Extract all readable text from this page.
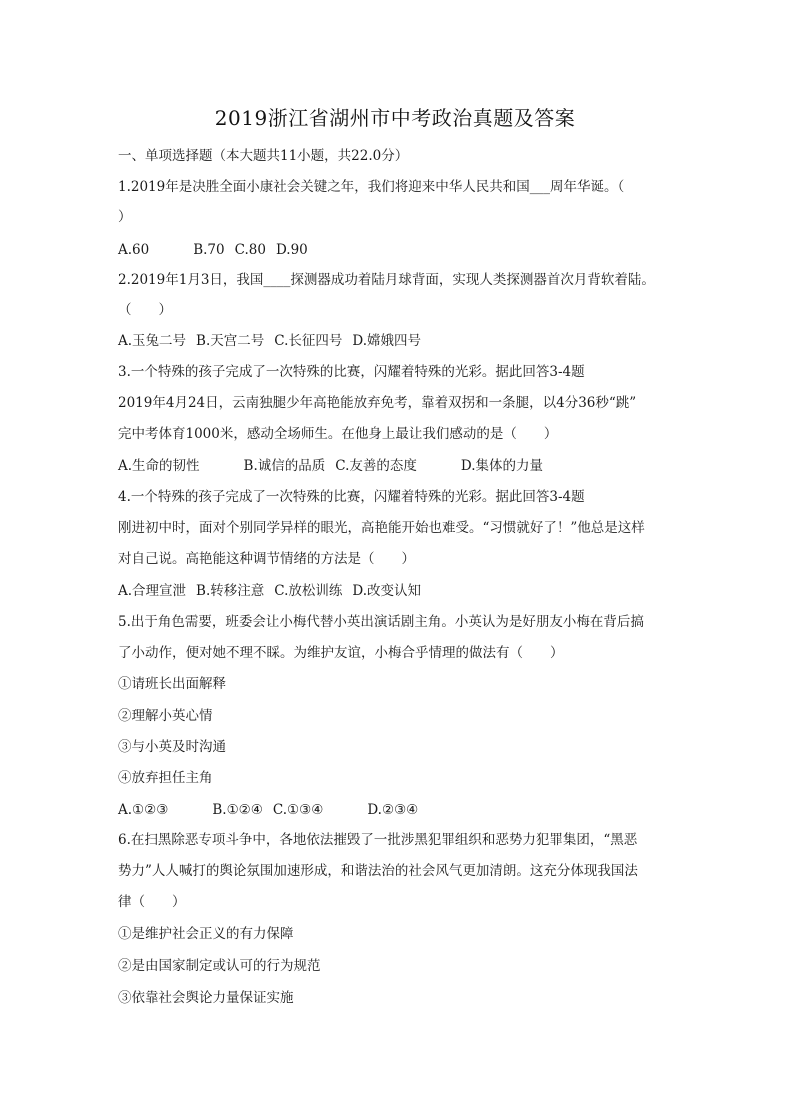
2019浙江省湖州市中考政治真题及答案
一、单项选择题（本大题共11小题，共22.0分）
1.2019年是决胜全面小康社会关键之年，我们将迎来中华人民共和国___周年华诞。（
）
A.60	B.70 C.80 D.90
2.2019年1月3日，我国____探测器成功着陆月球背面，实现人类探测器首次月背软着陆。
（　　）
A.玉兔二号 B.天宫二号 C.长征四号 D.嫦娥四号
3.一个特殊的孩子完成了一次特殊的比赛，闪耀着特殊的光彩。据此回答3-4题
2019年4月24日，云南独腿少年高艳能放弃免考，靠着双拐和一条腿，以4分36秒“跳”
完中考体育1000米，感动全场师生。在他身上最让我们感动的是（　　）
A.生命的韧性	B.诚信的品质 C.友善的态度	D.集体的力量
4.一个特殊的孩子完成了一次特殊的比赛，闪耀着特殊的光彩。据此回答3-4题
刚进初中时，面对个别同学异样的眼光，高艳能开始也难受。“习惯就好了！”他总是这样
对自己说。高艳能这种调节情绪的方法是（　　）
A.合理宣泄 B.转移注意 C.放松训练 D.改变认知
5.出于角色需要，班委会让小梅代替小英出演话剧主角。小英认为是好朋友小梅在背后搞
了小动作，便对她不理不睬。为维护友谊，小梅合乎情理的做法有（　　）
①请班长出面解释
②理解小英心情
③与小英及时沟通
④放弃担任主角
A.①②③	B.①②④ C.①③④	D.②③④
6.在扫黑除恶专项斗争中，各地依法摧毁了一批涉黑犯罪组织和恶势力犯罪集团，“黑恶
势力”人人喊打的舆论氛围加速形成，和谐法治的社会风气更加清朗。这充分体现我国法
律（　　）
①是维护社会正义的有力保障
②是由国家制定或认可的行为规范
③依靠社会舆论力量保证实施
